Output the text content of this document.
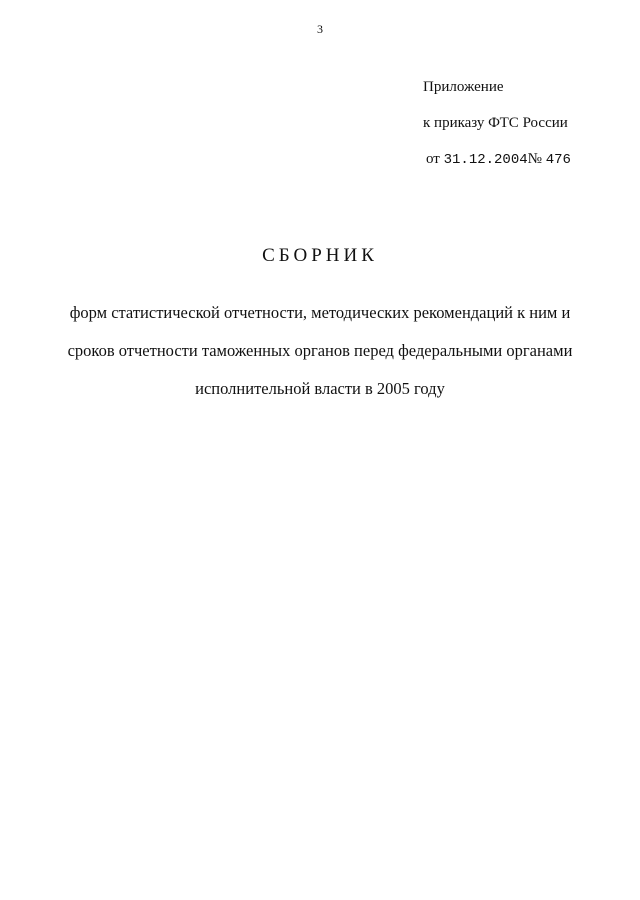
3
Приложение
к приказу ФТС России
от 31.12.2004№ 476
СБОРНИК
форм статистической отчетности, методических рекомендаций к ним и
сроков отчетности таможенных органов перед федеральными органами
исполнительной власти в 2005 году
